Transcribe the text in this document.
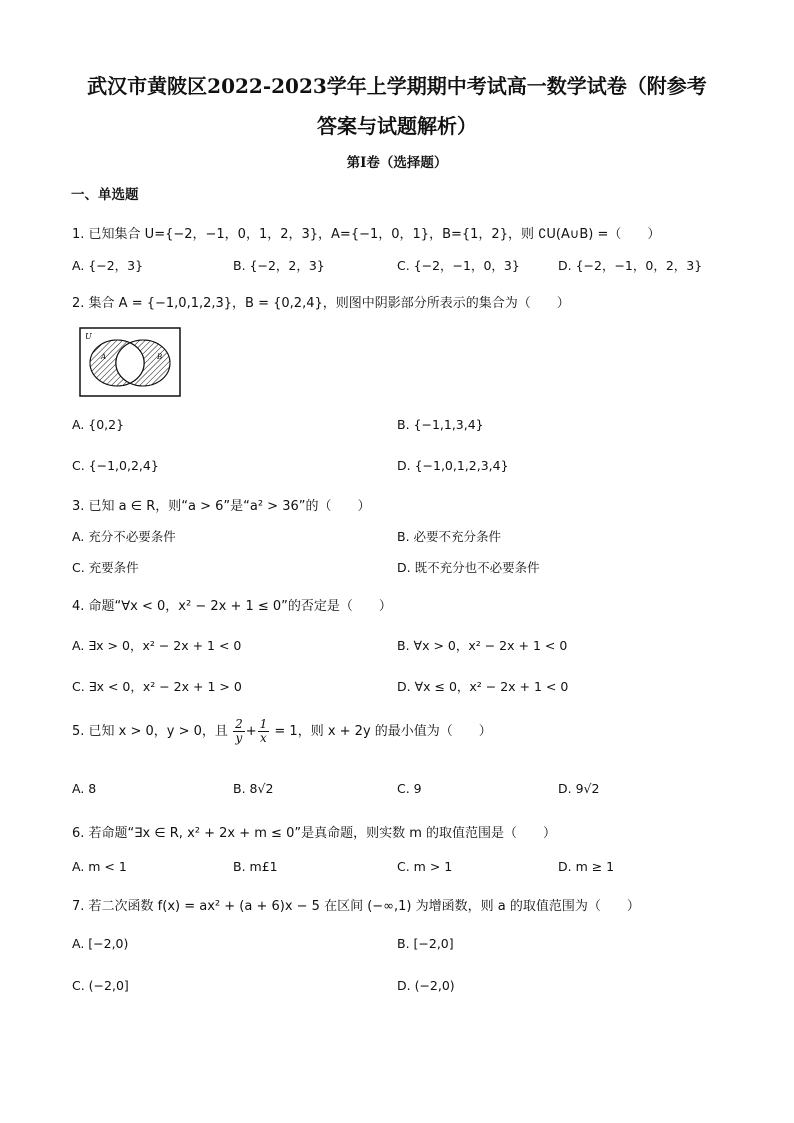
武汉市黄陂区2022-2023学年上学期期中考试高一数学试卷（附参考
答案与试题解析）
第I卷（选择题）
一、单选题
1. 已知集合 U={−2，−1，0，1，2，3}，A={−1，0，1}，B={1，2}，则 ∁U(A∪B) =（　　）
A. {−2，3}	B. {−2，2，3}	C. {−2，−1，0，3}	D. {−2，−1，0，2，3}
2. 集合 A = {−1,0,1,2,3}，B = {0,2,4}，则图中阴影部分所表示的集合为（　　）
U
A	B
A. {0,2}	B. {−1,1,3,4}
C. {−1,0,2,4}	D. {−1,0,1,2,3,4}
3. 已知 a ∈ R，则“a > 6”是“a² > 36”的（　　）
A. 充分不必要条件	B. 必要不充分条件
C. 充要条件	D. 既不充分也不必要条件
4. 命题“∀x < 0，x² − 2x + 1 ≤ 0”的否定是（　　）
A. ∃x > 0，x² − 2x + 1 < 0	B. ∀x > 0，x² − 2x + 1 < 0
C. ∃x < 0，x² − 2x + 1 > 0	D. ∀x ≤ 0，x² − 2x + 1 < 0
5. 已知 x > 0，y > 0，且 $\frac{2}{y} + \frac{1}{x} = 1$，则 x + 2y 的最小值为（　　）
A. 8	B. 8√2	C. 9	D. 9√2
6. 若命题“∃x ∈ R, x² + 2x + m ≤ 0”是真命题，则实数 m 的取值范围是（　　）
A. m < 1	B. m£1	C. m > 1	D. m ≥ 1
7. 若二次函数 f(x) = ax² + (a + 6)x − 5 在区间 (−∞,1) 为增函数，则 a 的取值范围为（　　）
A. [−2,0)	B. [−2,0]
C. (−2,0]	D. (−2,0)
